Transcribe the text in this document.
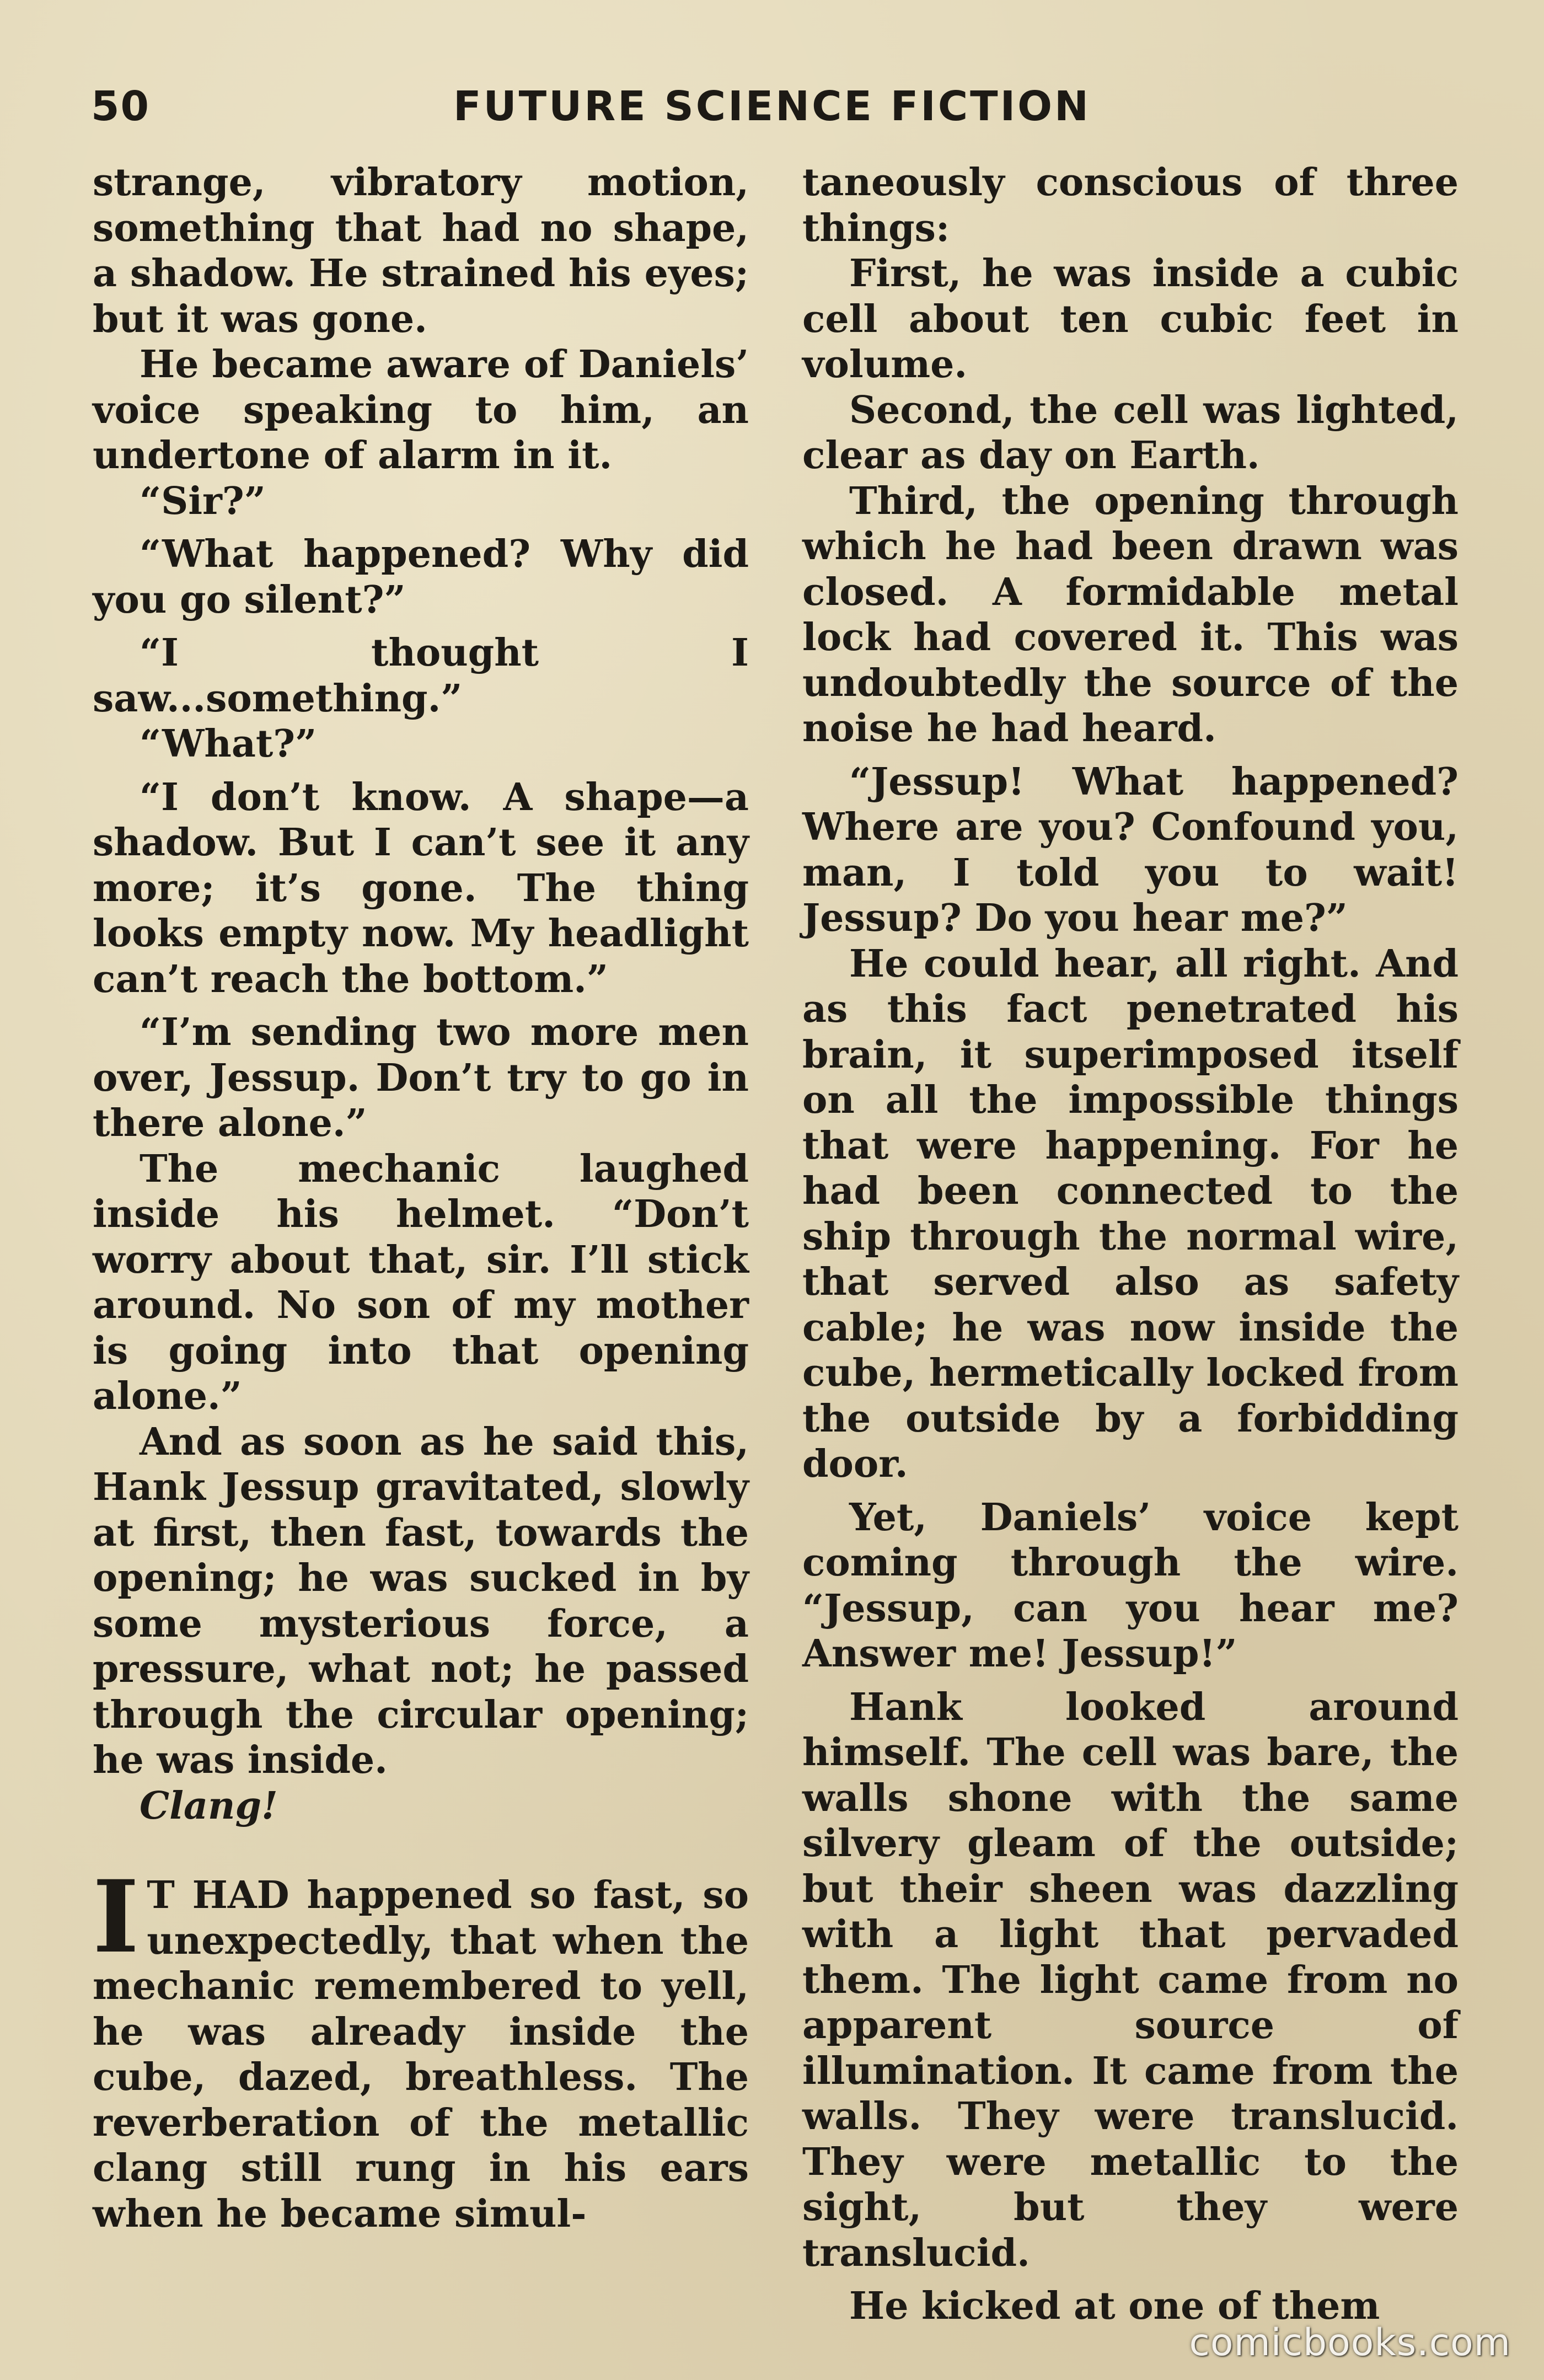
50	FUTURE SCIENCE FICTION

strange, vibratory motion, something that had no shape, a shadow. He strained his eyes; but it was gone.

He became aware of Daniels’ voice speaking to him, an undertone of alarm in it.

“Sir?”

“What happened? Why did you go silent?”

“I thought I saw...something.”

“What?”

“I don’t know. A shape—a shadow. But I can’t see it any more; it’s gone. The thing looks empty now. My headlight can’t reach the bottom.”

“I’m sending two more men over, Jessup. Don’t try to go in there alone.”

The mechanic laughed inside his helmet. “Don’t worry about that, sir. I’ll stick around. No son of my mother is going into that opening alone.”

And as soon as he said this, Hank Jessup gravitated, slowly at first, then fast, towards the opening; he was sucked in by some mysterious force, a pressure, what not; he passed through the circular opening; he was inside.

Clang!

I T HAD happened so fast, so unexpectedly, that when the mechanic remembered to yell, he was already inside the cube, dazed, breathless. The reverberation of the metallic clang still rung in his ears when he became simul-

taneously conscious of three things:

First, he was inside a cubic cell about ten cubic feet in volume.

Second, the cell was lighted, clear as day on Earth.

Third, the opening through which he had been drawn was closed. A formidable metal lock had covered it. This was undoubtedly the source of the noise he had heard.

“Jessup! What happened? Where are you? Confound you, man, I told you to wait! Jessup? Do you hear me?”

He could hear, all right. And as this fact penetrated his brain, it superimposed itself on all the impossible things that were happening. For he had been connected to the ship through the normal wire, that served also as safety cable; he was now inside the cube, hermetically locked from the outside by a forbidding door.

Yet, Daniels’ voice kept coming through the wire. “Jessup, can you hear me? Answer me! Jessup!”

Hank looked around himself. The cell was bare, the walls shone with the same silvery gleam of the outside; but their sheen was dazzling with a light that pervaded them. The light came from no apparent source of illumination. It came from the walls. They were translucid. They were metallic to the sight, but they were translucid.

He kicked at one of them

comicbooks.com
